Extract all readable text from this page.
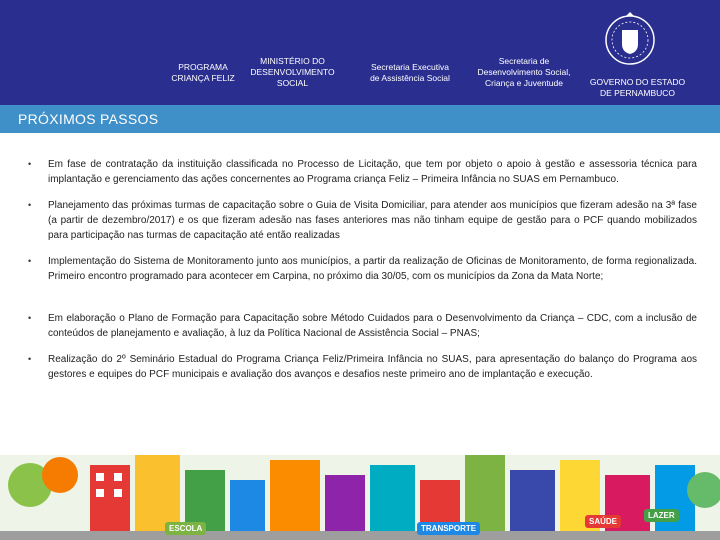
PROGRAMA
CRIANÇA FELIZ
MINISTÉRIO DO
DESENVOLVIMENTO
SOCIAL
Secretaria Executiva
de Assistência Social
Secretaria de
Desenvolvimento Social,
Criança e Juventude	GOVERNO DO ESTADO
DE PERNAMBUCO
PRÓXIMOS PASSOS
• Em fase de contratação da instituição classificada no Processo de Licitação, que tem por objeto o apoio à gestão e assessoria técnica para implantação e gerenciamento das ações concernentes ao Programa criança Feliz – Primeira Infância no SUAS em Pernambuco.
• Planejamento das próximas turmas de capacitação sobre o Guia de Visita Domiciliar, para atender aos municípios que fizeram adesão na 3ª fase (a partir de dezembro/2017) e os que fizeram adesão nas fases anteriores mas não tinham equipe de gestão para o PCF quando mobilizados para participação nas turmas de capacitação até então realizadas
• Implementação do Sistema de Monitoramento junto aos municípios, a partir da realização de Oficinas de Monitoramento, de forma regionalizada. Primeiro encontro programado para acontecer em Carpina, no próximo dia 30/05, com os municípios da Zona da Mata Norte;
• Em elaboração o Plano de Formação para Capacitação sobre Método Cuidados para o Desenvolvimento da Criança – CDC, com a inclusão de conteúdos de planejamento e avaliação, à luz da Política Nacional de Assistência Social – PNAS;
• Realização do 2º Seminário Estadual do Programa Criança Feliz/Primeira Infância no SUAS, para apresentação do balanço do Programa aos gestores e equipes do PCF municipais e avaliação dos avanços e desafios neste primeiro ano de implantação e execução.
ESCOLA	TRANSPORTE
SAÚDE
LAZER
